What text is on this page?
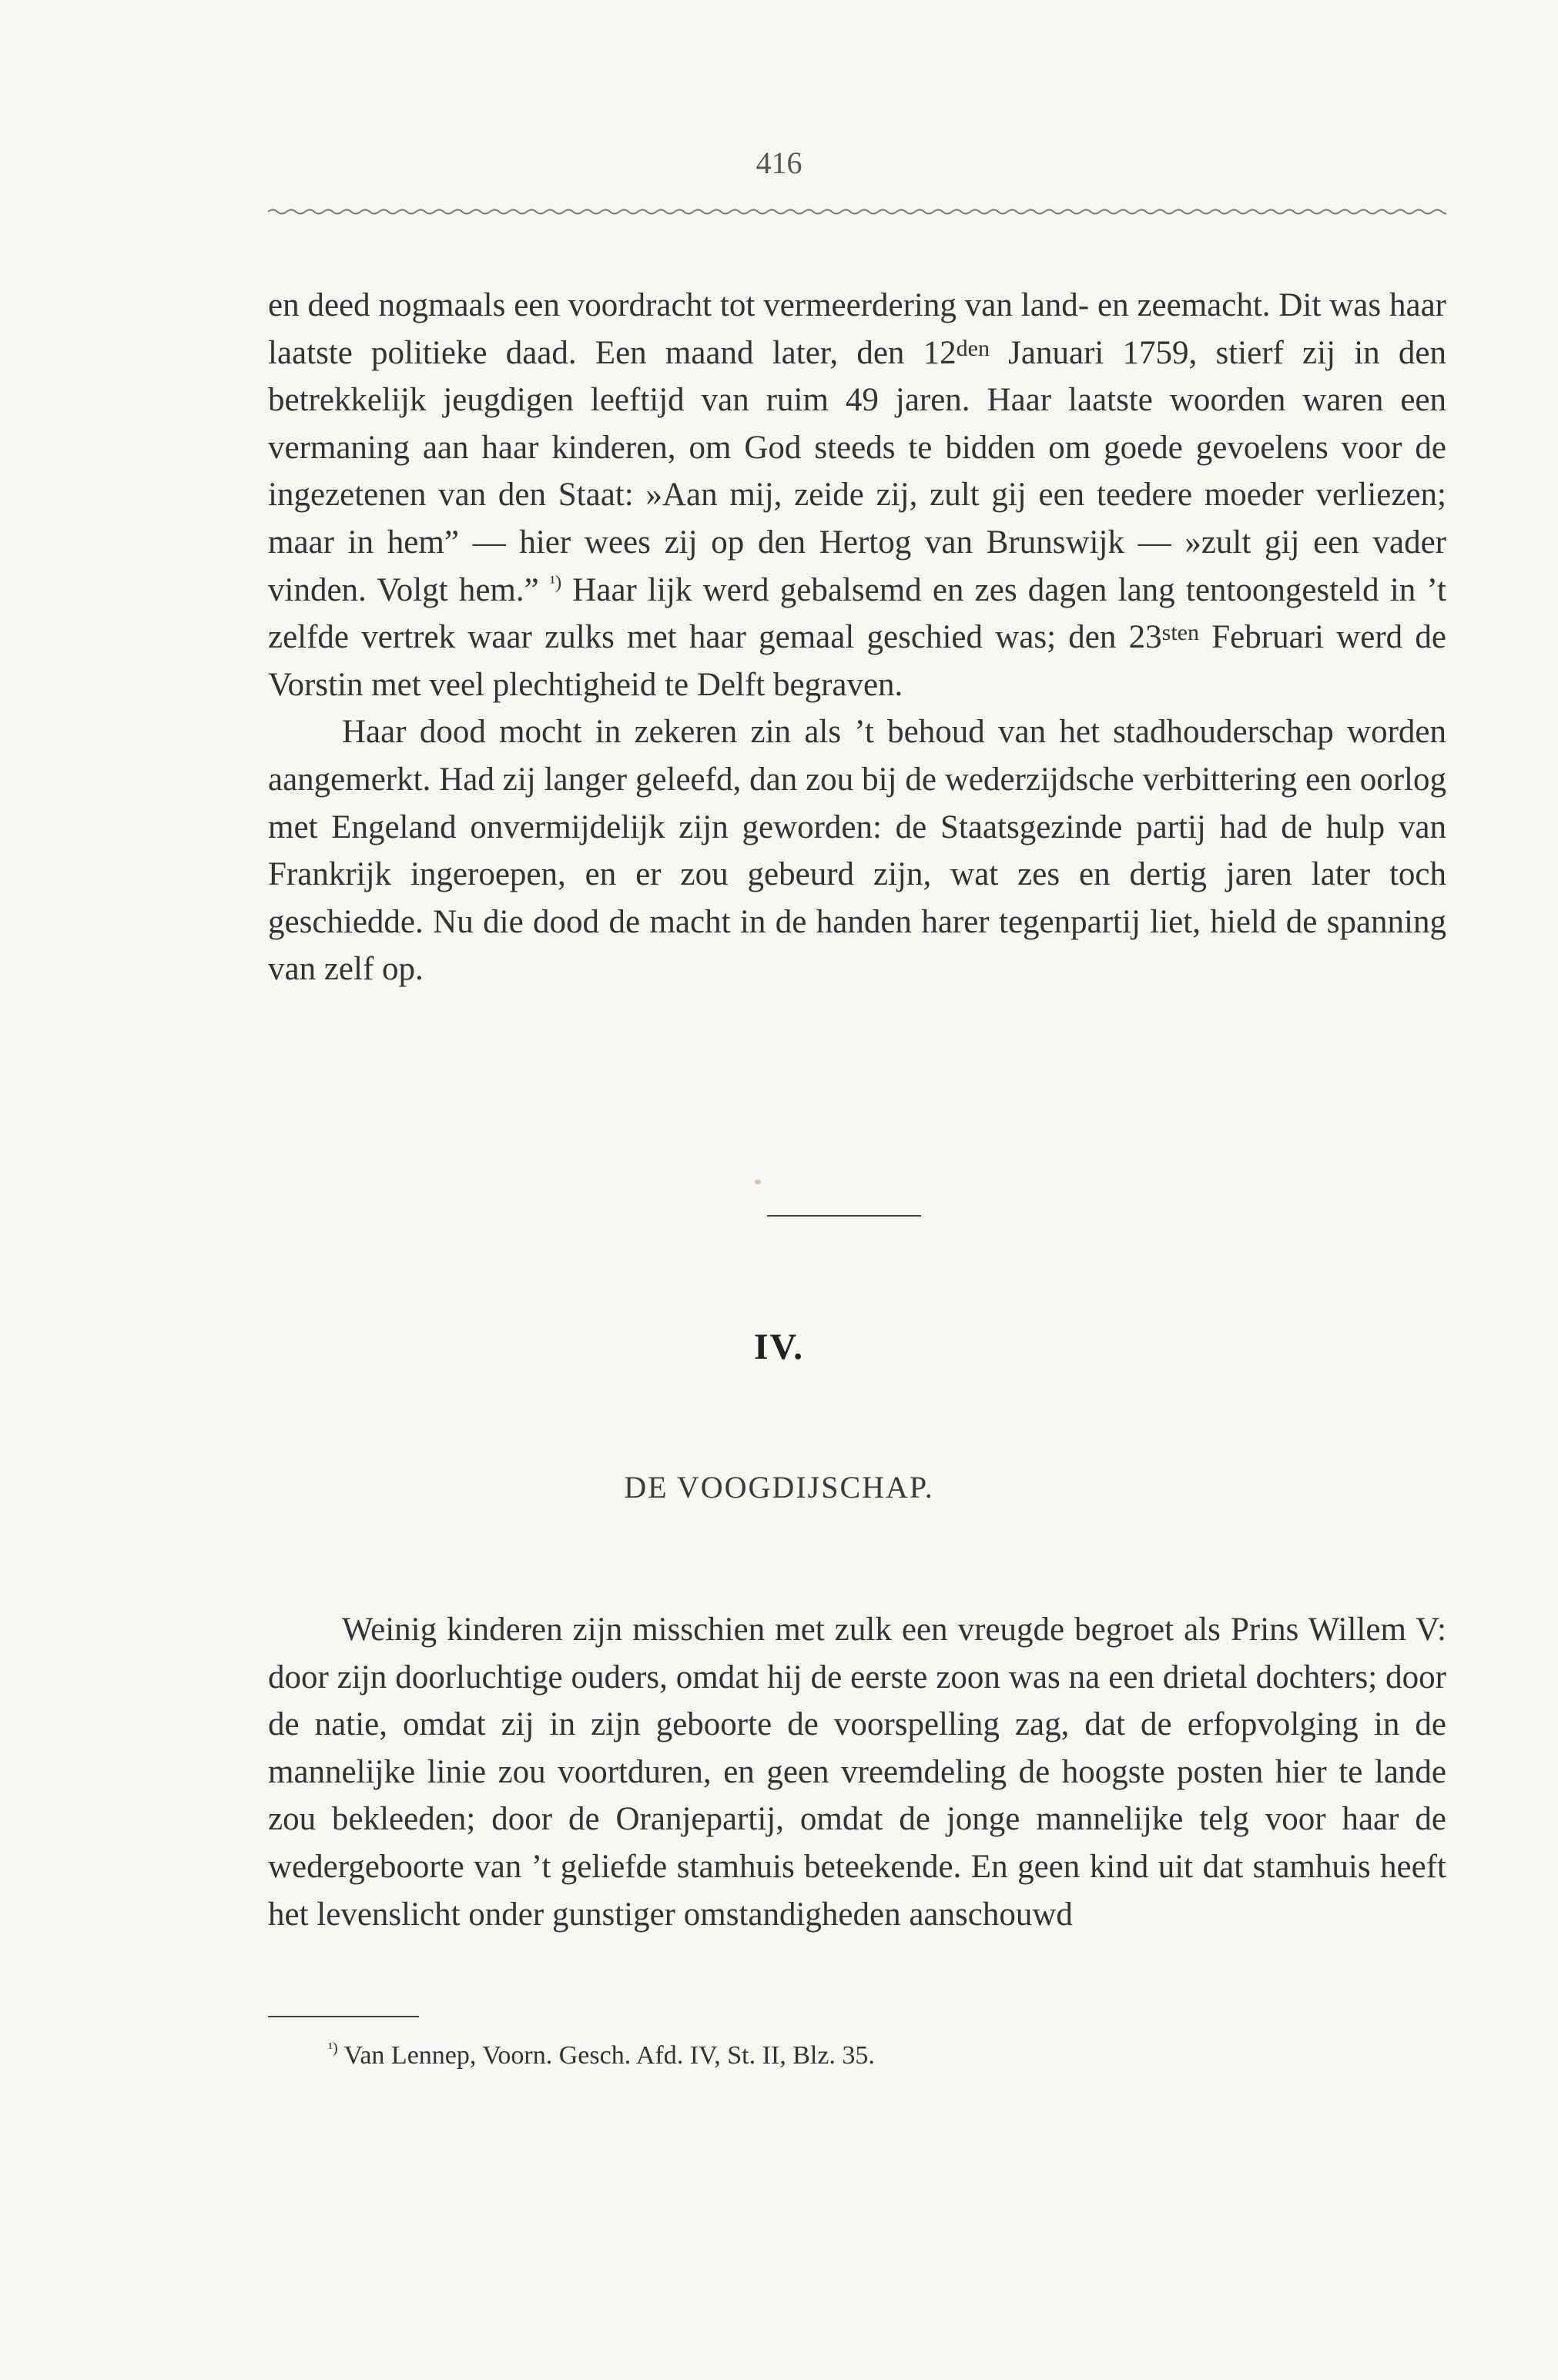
416

en deed nogmaals een voordracht tot vermeerdering van land- en zeemacht. Dit was haar laatste politieke daad. Een maand later, den $12^{den}$ Januari 1759, stierf zij in den betrekkelijk jeugdigen leeftijd van ruim 49 jaren. Haar laatste woorden waren een vermaning aan haar kinderen, om God steeds te bidden om goede gevoelens voor de ingezetenen van den Staat: »Aan mij, zeide zij, zult gij een teedere moeder verliezen; maar in hem” — hier wees zij op den Hertog van Brunswijk — »zult gij een vader vinden. Volgt hem.” $^{^1)}$ Haar lijk werd gebalsemd en zes dagen lang tentoongesteld in ’t zelfde vertrek waar zulks met haar gemaal geschied was; den $23^{sten}$ Februari werd de Vorstin met veel plechtigheid te Delft begraven.

Haar dood mocht in zekeren zin als ’t behoud van het stadhouderschap worden aangemerkt. Had zij langer geleefd, dan zou bij de wederzijdsche verbittering een oorlog met Engeland onvermijdelijk zijn geworden: de Staatsgezinde partij had de hulp van Frankrijk ingeroepen, en er zou gebeurd zijn, wat zes en dertig jaren later toch geschiedde. Nu die dood de macht in de handen harer tegenpartij liet, hield de spanning van zelf op.

IV.
DE VOOGDIJSCHAP.

Weinig kinderen zijn misschien met zulk een vreugde begroet als Prins Willem V: door zijn doorluchtige ouders, omdat hij de eerste zoon was na een drietal dochters; door de natie, omdat zij in zijn geboorte de voorspelling zag, dat de erfopvolging in de mannelijke linie zou voortduren, en geen vreemdeling de hoogste posten hier te lande zou bekleeden; door de Oranjepartij, omdat de jonge mannelijke telg voor haar de wedergeboorte van ’t geliefde stamhuis beteekende. En geen kind uit dat stamhuis heeft het levenslicht onder gunstiger omstandigheden aanschouwd

$^{^1)}$ Van Lennep, Voorn. Gesch. Afd. IV, St. II, Blz. 35.
